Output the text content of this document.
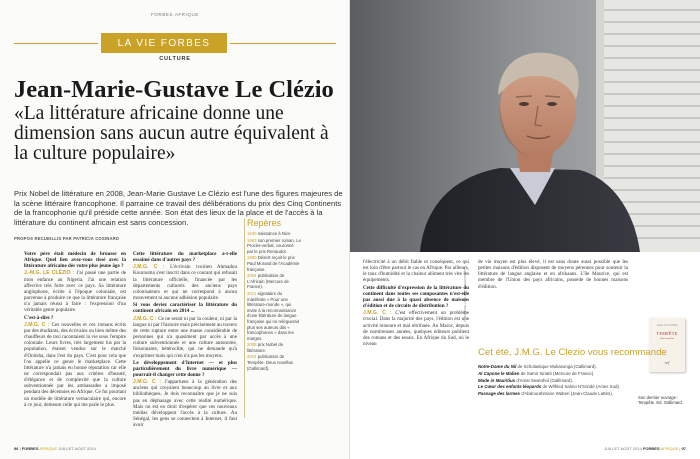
FORBES AFRIQUE
LA VIE FORBES
CULTURE
Jean-Marie-Gustave Le Clézio
«La littérature africaine donne une dimension sans aucun autre équivalent à la culture populaire»
Prix Nobel de littérature en 2008, Jean-Marie Gustave Le Clézio est l'une des figures majeures de la scène littéraire francophone. Il parraine ce travail des délibérations du prix des Cinq Continents de la francophonie qu'il préside cette année. Son état des lieux de la place et de l'accès à la littérature du continent africain est sans concession.
PROPOS RECUEILLIS PAR PATRICIA COSINARD

Votre père était médecin de brousse en Afrique. Quel lien avez-vous tissé avec la littérature africaine dès votre plus jeune âge ?

J.-M.G. LE CLÉZIO : J'ai passé une partie de mon enfance au Nigeria. J'ai une relation affective très forte avec ce pays. Sa littérature anglophone, écrite à l'époque coloniale, est parvenue à produire ce que la littérature française n'a jamais réussi à faire : l'expression d'un véritable genre populaire.

C'est-à-dire ?

J.M.G. C : Ces nouvelles et ces romans écrits par des étudiants, des écrivains ou bien même des chauffeurs de taxi racontaient la vie sous l'empire coloniale. Leurs livres, très largement lus par la population, étaient vendus sur le marché d'Onitsha, dans l'est du pays. C'est pour cela que l'on appelle ce genre le marketplace. Cette littérature n'a jamais eu bonne réputation car elle ne correspondait pas aux critères d'beauté, d'élégance et de complexité que la culture subventionnée par les ambassades a imposé pendant des décennies en Afrique. Ce fut pourtant un modèle de littérature vernaculaire qui, encore à ce jour, demeure celle qui me parle le plus.

Cette littérature du marketplace a-t-elle essaimé dans d'autres pays ?

J.M.G. C : L'écrivain ivoirien Ahmadou Kourouma s'est inscrit dans ce courant qui refusait la littérature officielle, financée par les départements culturels des anciens pays colonisateurs et qui ne correspond à aucun mouvement ni aucune adhésion populaire.

Si vous deviez caractériser la littérature du continent africain en 2014 ...

J.M.G. C : Ce ne serait ni par la couleur, ni par la langue ni par l'histoire mais précisément au travers de cette rupture entre une masse considérable de personnes qui n'a quasiment par accès à une culture subventionnée et une culture autonome, foisonnante, hétéroclite, qui ne demande qu'à s'exprimer mais qui n'en n'a pas les moyens.

Le développement d'Internet — et plus particulièrement du livre numérique — pourrait-il changer cette donne ?

J.M.G. C : J'appartiens à la génération des anciens qui croyaient beaucoup au livre et aux bibliothèques. Je dois reconnaître que je ne suis pas en déphasage avec cette réalité numérique. Mais on est en droit d'espérer que ces nouveaux médias développent l'accès à la culture. Au Sénégal, les gens se connectent à Internet, il faut avoir

Repères
1940 naissance à Nice
1963 son premier roman, Le Procès-verbal, couronné par le prix Renaudot.
1980 Désert reçoit le prix Paul Morand de l'Académie française.
2004 publication de L'Africain (Mercure de France).
2011 signataire du manifeste « Pour une littérature-monde », qui invite à la reconnaissance d'une littérature de langue française qui ne relèguerait plus ses auteurs dits « francophones » dans les marges.
2008 prix Nobel de littérature.
2014 publication de Tempête. Deux novellas (Gallimard).
96 | FORBES AFRIQUE JUILLET-AOÛT 2014
© LEEMAGE / BELGA / VANEECKHOUT

l'électricité à un débit fiable et conséquent, ce qui est loin d'être partout le cas en Afrique. Par ailleurs, le taux d'humidité et la chaleur abîment très vite les équipements.

Cette difficulté d'expression de la littérature du continent dans toutes ses composantes n'est-elle pas aussi due à la quasi absence de maisons d'édition et de circuits de distribution ?

J.M.G. C : C'est effectivement un problème crucial. Dans la majorité des pays, l'édition est une activité mineure et mal rétribuée. Au Maroc, depuis de nombreuses années, quelques éditeurs publient des romans et des essais. En Afrique du Sud, où le niveau

de vie moyen est plus élevé, il est sans doute aussi possible que les petites maisons d'édition disposent de moyens pérennes pour soutenir la littérature de langue anglaise et en afrikaans. L'île Maurice, qui est membre de l'Union des pays africains, possède de bonnes maisons d'édition.

J.M.G. LE CLÉZIO
TEMPÊTE
Deux novellas
nrf
Son dernier ouvrage : Tempête. Ed. Gallimard.
Cet été, J.M.G. Le Clezio vous recommande
Notre-Dame du Nil de Scholastique Mukasonga (Gallimard).
Al Capone le Malien de Samir Sinaté (Mercure de France).
Made in Mauritius d'Amal Sewtohul (Gallimard).
Le Cœur des enfants léopards de Wilfried Salmo N'Sondé (Actes Sud).
Passage des larmes d'Abdourahmane Waberi (Jean-Claude Lattès).
JUILLET-AOÛT 2014 FORBES AFRIQUE | 97
